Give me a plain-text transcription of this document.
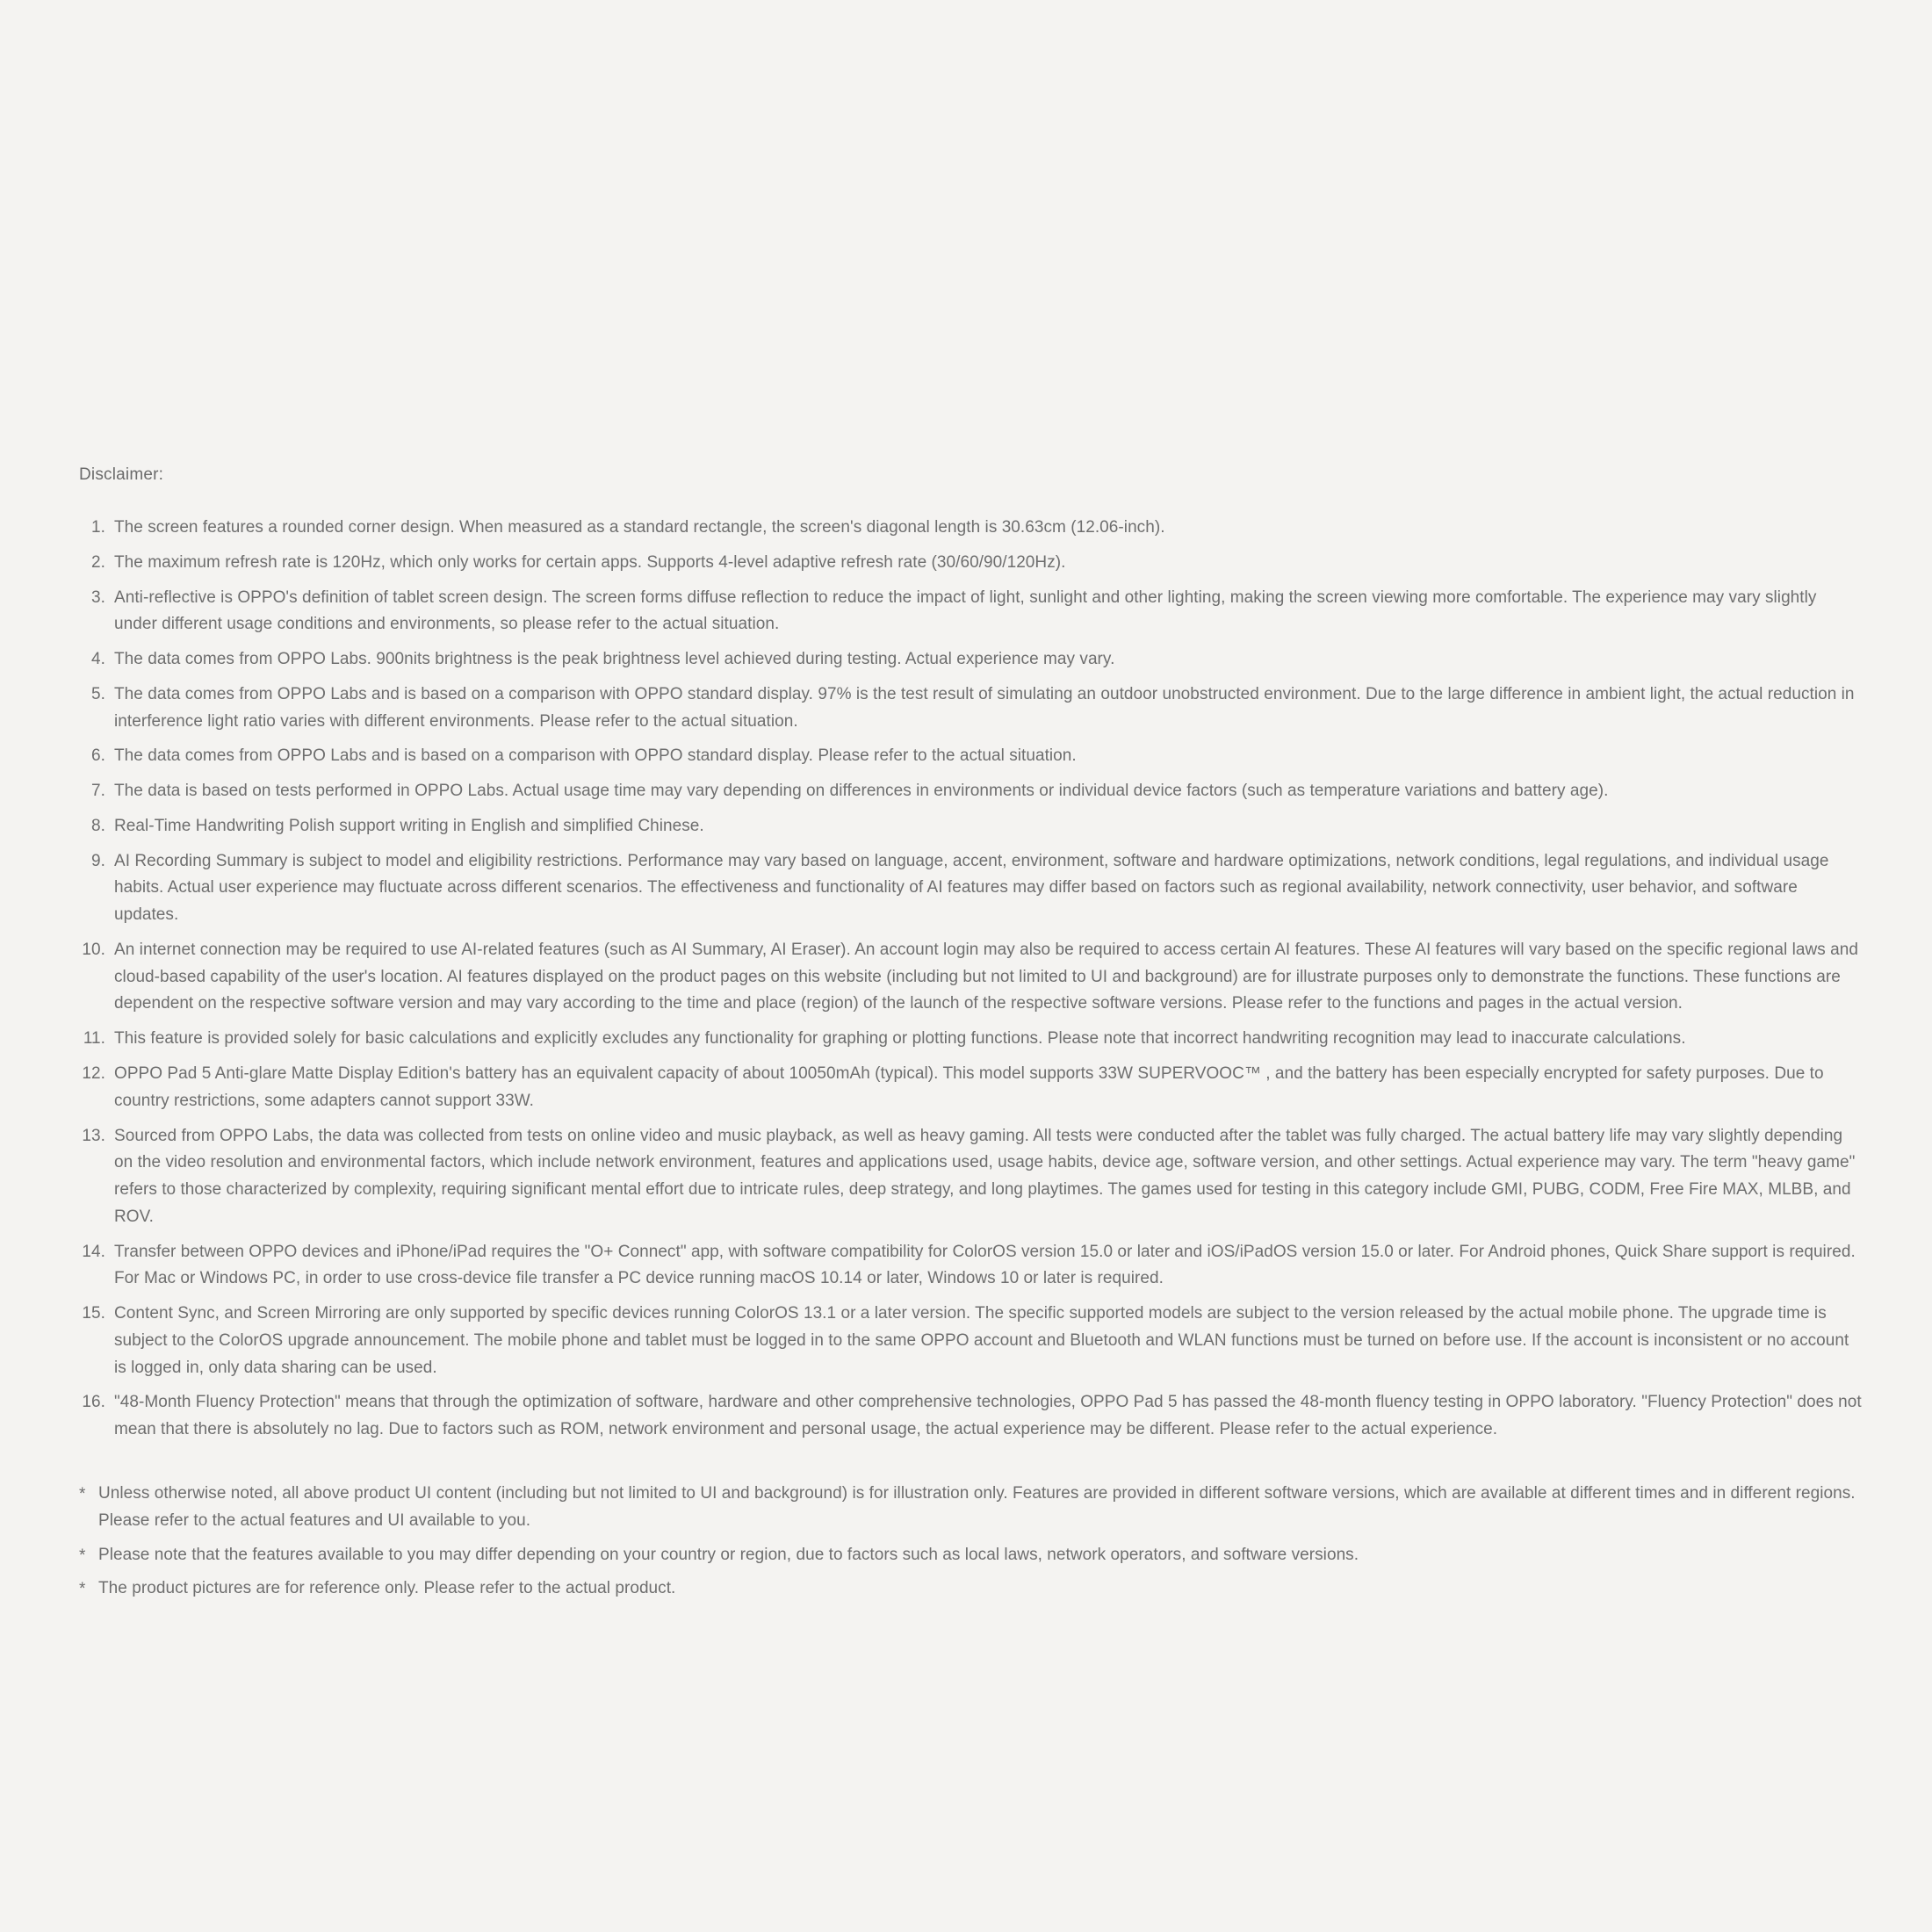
Disclaimer:
The screen features a rounded corner design. When measured as a standard rectangle, the screen's diagonal length is 30.63cm (12.06-inch).
The maximum refresh rate is 120Hz, which only works for certain apps. Supports 4-level adaptive refresh rate (30/60/90/120Hz).
Anti-reflective is OPPO's definition of tablet screen design. The screen forms diffuse reflection to reduce the impact of light, sunlight and other lighting, making the screen viewing more comfortable. The experience may vary slightly under different usage conditions and environments, so please refer to the actual situation.
The data comes from OPPO Labs. 900nits brightness is the peak brightness level achieved during testing. Actual experience may vary.
The data comes from OPPO Labs and is based on a comparison with OPPO standard display. 97% is the test result of simulating an outdoor unobstructed environment. Due to the large difference in ambient light, the actual reduction in interference light ratio varies with different environments. Please refer to the actual situation.
The data comes from OPPO Labs and is based on a comparison with OPPO standard display. Please refer to the actual situation.
The data is based on tests performed in OPPO Labs. Actual usage time may vary depending on differences in environments or individual device factors (such as temperature variations and battery age).
Real-Time Handwriting Polish support writing in English and simplified Chinese.
AI Recording Summary is subject to model and eligibility restrictions. Performance may vary based on language, accent, environment, software and hardware optimizations, network conditions, legal regulations, and individual usage habits. Actual user experience may fluctuate across different scenarios. The effectiveness and functionality of AI features may differ based on factors such as regional availability, network connectivity, user behavior, and software updates.
An internet connection may be required to use AI-related features (such as AI Summary, AI Eraser). An account login may also be required to access certain AI features. These AI features will vary based on the specific regional laws and cloud-based capability of the user's location. AI features displayed on the product pages on this website (including but not limited to UI and background) are for illustrate purposes only to demonstrate the functions. These functions are dependent on the respective software version and may vary according to the time and place (region) of the launch of the respective software versions. Please refer to the functions and pages in the actual version.
This feature is provided solely for basic calculations and explicitly excludes any functionality for graphing or plotting functions. Please note that incorrect handwriting recognition may lead to inaccurate calculations.
OPPO Pad 5 Anti-glare Matte Display Edition's battery has an equivalent capacity of about 10050mAh (typical). This model supports 33W SUPERVOOC™ , and the battery has been especially encrypted for safety purposes. Due to country restrictions, some adapters cannot support 33W.
Sourced from OPPO Labs, the data was collected from tests on online video and music playback, as well as heavy gaming. All tests were conducted after the tablet was fully charged. The actual battery life may vary slightly depending on the video resolution and environmental factors, which include network environment, features and applications used, usage habits, device age, software version, and other settings. Actual experience may vary. The term "heavy game" refers to those characterized by complexity, requiring significant mental effort due to intricate rules, deep strategy, and long playtimes. The games used for testing in this category include GMI, PUBG, CODM, Free Fire MAX, MLBB, and ROV.
Transfer between OPPO devices and iPhone/iPad requires the "O+ Connect" app, with software compatibility for ColorOS version 15.0 or later and iOS/iPadOS version 15.0 or later. For Android phones, Quick Share support is required. For Mac or Windows PC, in order to use cross-device file transfer a PC device running macOS 10.14 or later, Windows 10 or later is required.
Content Sync, and Screen Mirroring are only supported by specific devices running ColorOS 13.1 or a later version. The specific supported models are subject to the version released by the actual mobile phone. The upgrade time is subject to the ColorOS upgrade announcement. The mobile phone and tablet must be logged in to the same OPPO account and Bluetooth and WLAN functions must be turned on before use. If the account is inconsistent or no account is logged in, only data sharing can be used.
"48-Month Fluency Protection" means that through the optimization of software, hardware and other comprehensive technologies, OPPO Pad 5 has passed the 48-month fluency testing in OPPO laboratory. "Fluency Protection" does not mean that there is absolutely no lag. Due to factors such as ROM, network environment and personal usage, the actual experience may be different. Please refer to the actual experience.
* Unless otherwise noted, all above product UI content (including but not limited to UI and background) is for illustration only. Features are provided in different software versions, which are available at different times and in different regions. Please refer to the actual features and UI available to you.
* Please note that the features available to you may differ depending on your country or region, due to factors such as local laws, network operators, and software versions.
* The product pictures are for reference only. Please refer to the actual product.
